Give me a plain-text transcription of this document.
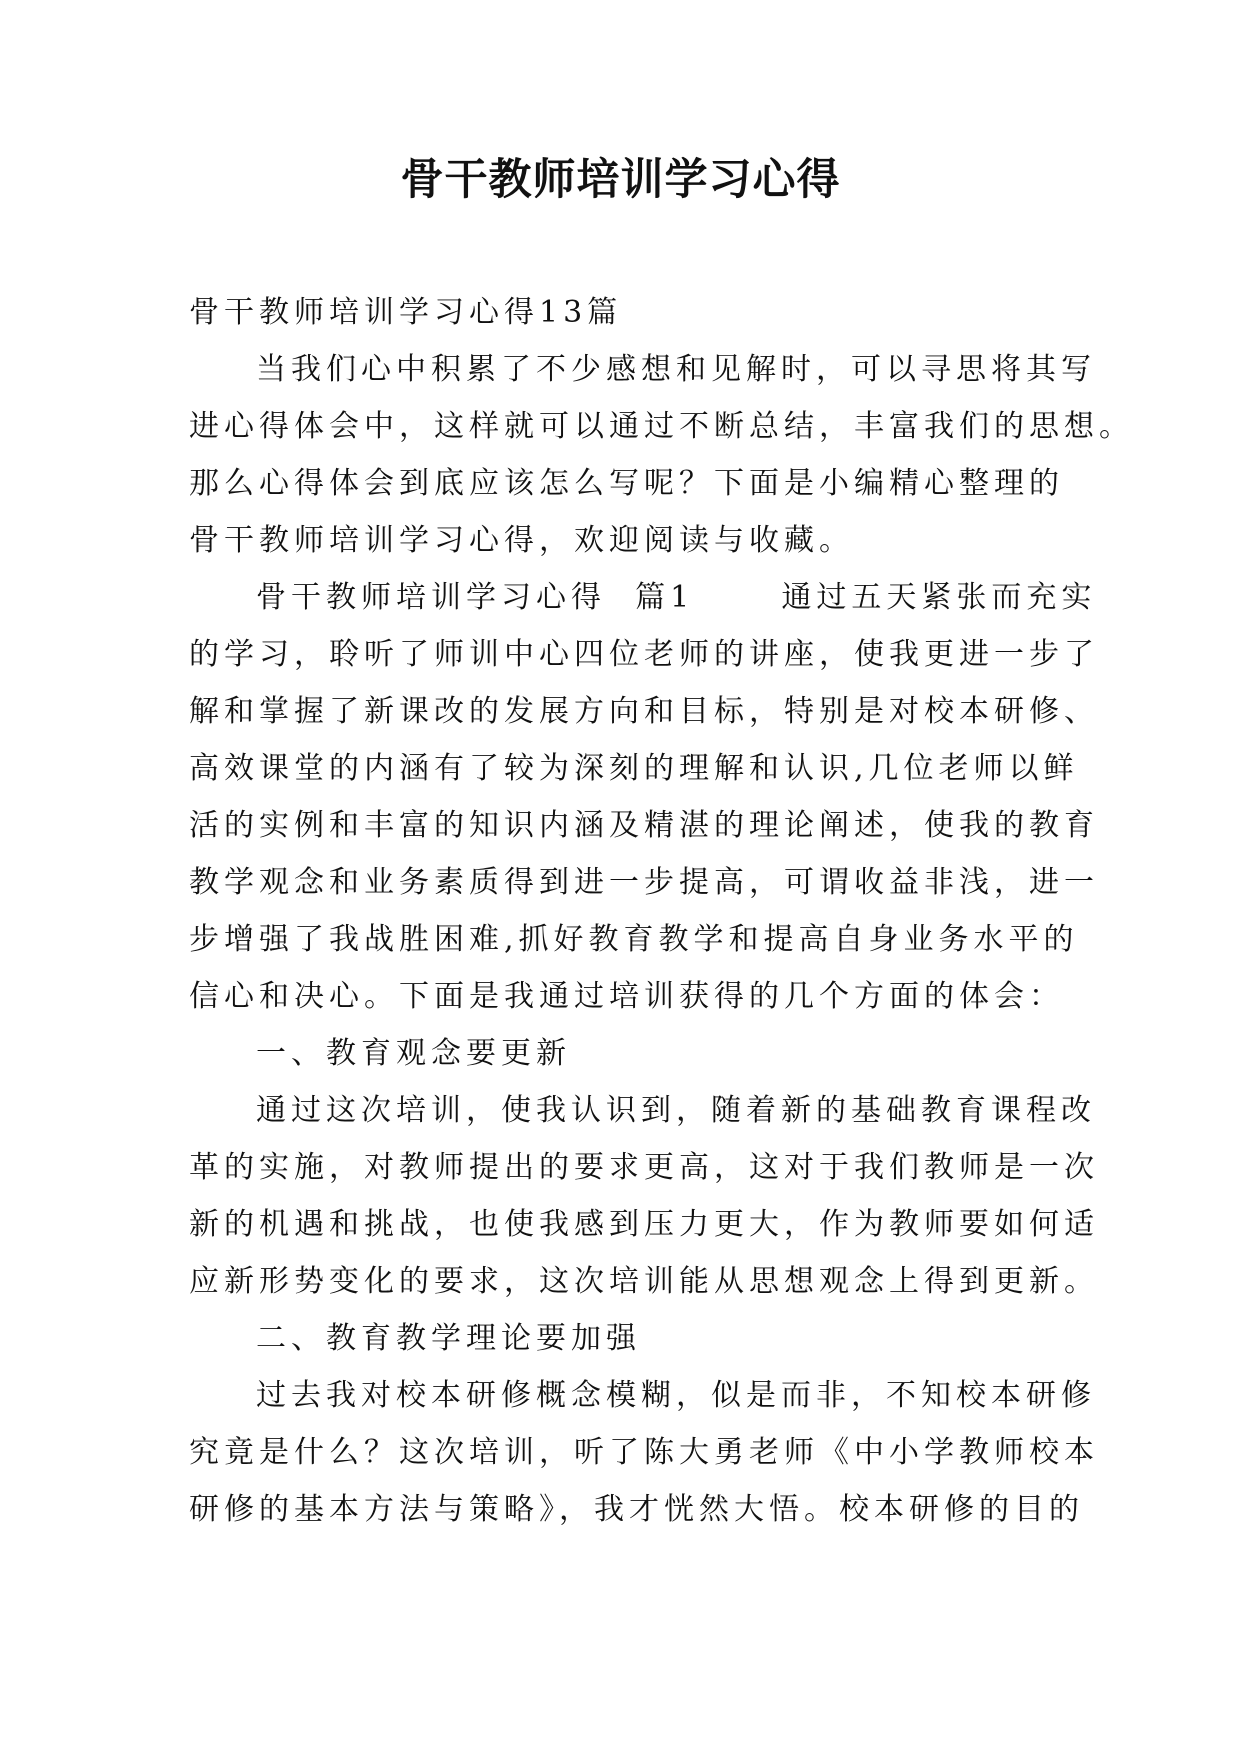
骨干教师培训学习心得
骨干教师培训学习心得13篇
当我们心中积累了不少感想和见解时，可以寻思将其写
进心得体会中，这样就可以通过不断总结，丰富我们的思想。
那么心得体会到底应该怎么写呢？下面是小编精心整理的
骨干教师培训学习心得，欢迎阅读与收藏。
骨干教师培训学习心得  篇1      通过五天紧张而充实
的学习，聆听了师训中心四位老师的讲座，使我更进一步了
解和掌握了新课改的发展方向和目标，特别是对校本研修、
高效课堂的内涵有了较为深刻的理解和认识,几位老师以鲜
活的实例和丰富的知识内涵及精湛的理论阐述，使我的教育
教学观念和业务素质得到进一步提高，可谓收益非浅，进一
步增强了我战胜困难,抓好教育教学和提高自身业务水平的
信心和决心。下面是我通过培训获得的几个方面的体会：
一、教育观念要更新
通过这次培训，使我认识到，随着新的基础教育课程改
革的实施，对教师提出的要求更高，这对于我们教师是一次
新的机遇和挑战，也使我感到压力更大，作为教师要如何适
应新形势变化的要求，这次培训能从思想观念上得到更新。
二、教育教学理论要加强
过去我对校本研修概念模糊，似是而非，不知校本研修
究竟是什么？这次培训，听了陈大勇老师《中小学教师校本
研修的基本方法与策略》，我才恍然大悟。校本研修的目的
